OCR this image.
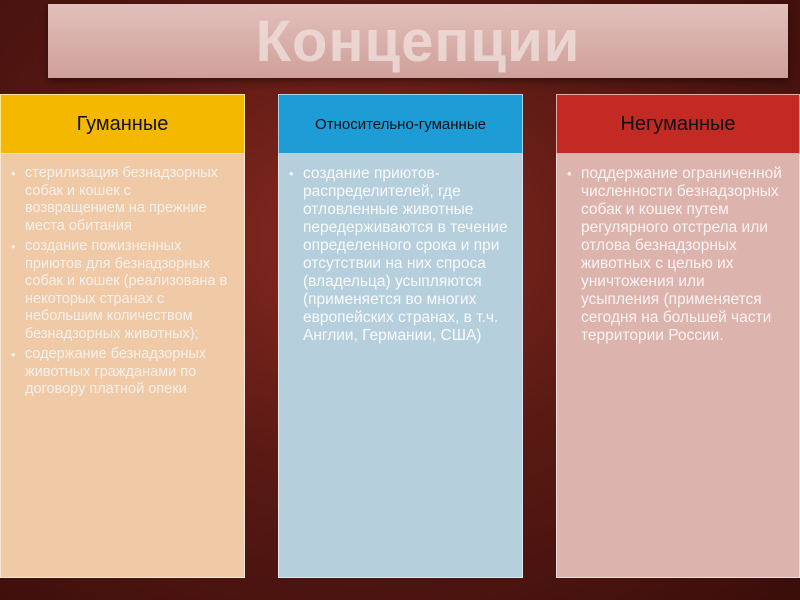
Концепции
Гуманные
• стерилизация безнадзорных собак и кошек с возвращением на прежние места обитания
• создание пожизненных приютов для безнадзорных собак и кошек (реализована в некоторых странах с небольшим количеством безнадзорных животных);
• содержание безнадзорных животных гражданами по договору платной опеки
Относительно-гуманные
• создание приютов-распределителей, где отловленные животные передерживаются в течение определенного срока и при отсутствии на них спроса (владельца) усыпляются (применяется во многих европейских странах, в т.ч. Англии, Германии, США)
Негуманные
• поддержание ограниченной численности безнадзорных собак и кошек путем регулярного отстрела или отлова безнадзорных животных с целью их уничтожения или усыпления (применяется сегодня на большей части территории России.
